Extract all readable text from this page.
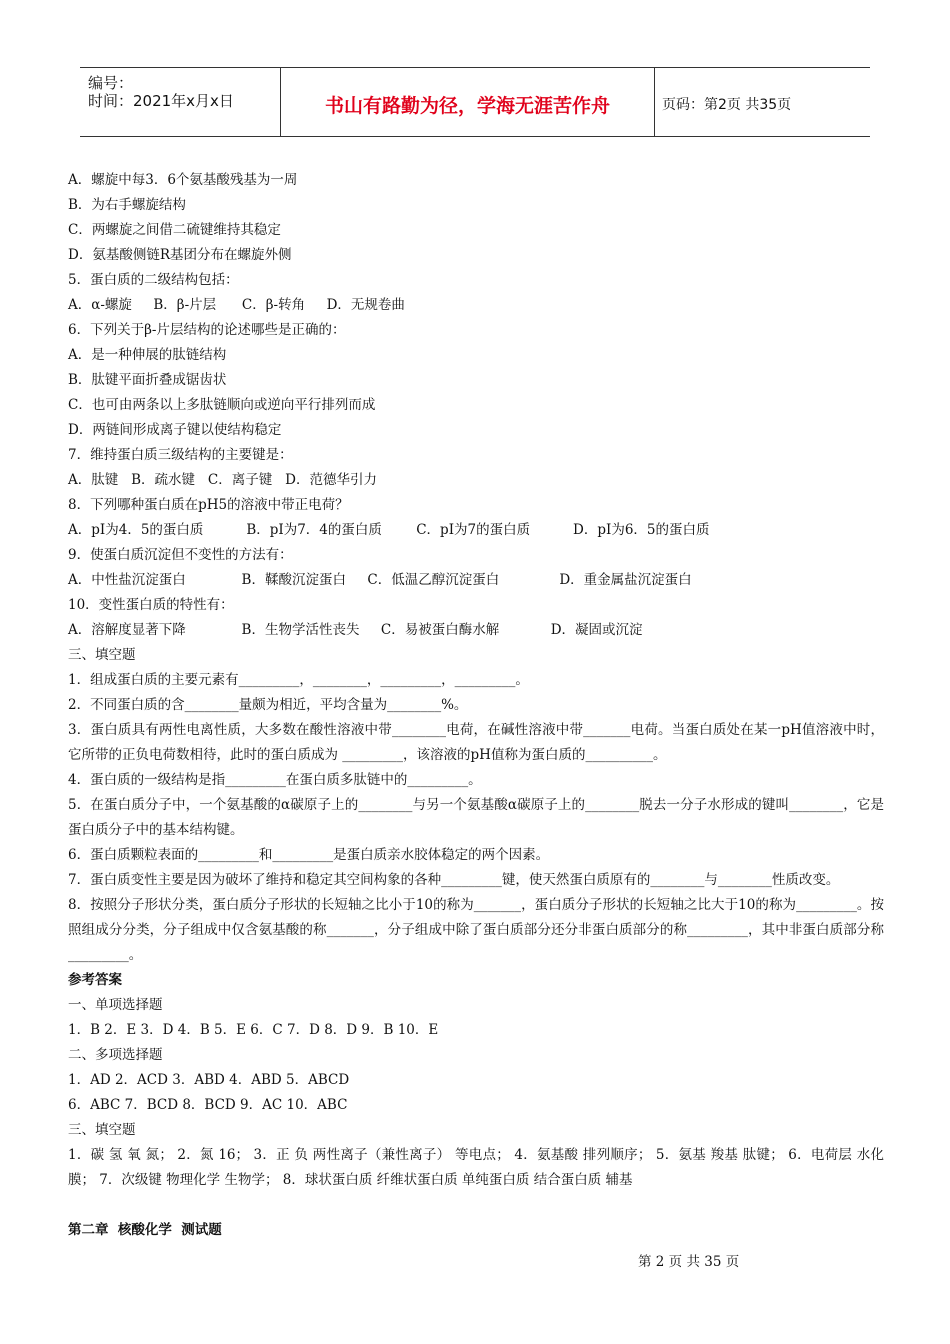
编号：
时间：2021年x月x日	书山有路勤为径，学海无涯苦作舟	页码：第2页 共35页
A．螺旋中每3．6个氨基酸残基为一周
B．为右手螺旋结构
C．两螺旋之间借二硫键维持其稳定
D．氨基酸侧链R基团分布在螺旋外侧
5．蛋白质的二级结构包括：
A．α-螺旋     B．β-片层      C．β-转角     D．无规卷曲
6．下列关于β-片层结构的论述哪些是正确的：
A．是一种伸展的肽链结构
B．肽键平面折叠成锯齿状
C．也可由两条以上多肽链顺向或逆向平行排列而成
D．两链间形成离子键以使结构稳定
7．维持蛋白质三级结构的主要键是：
A．肽键   B．疏水键   C．离子键   D．范德华引力
8．下列哪种蛋白质在pH5的溶液中带正电荷？
A．pI为4．5的蛋白质          B．pI为7．4的蛋白质        C．pI为7的蛋白质          D．pI为6．5的蛋白质
9．使蛋白质沉淀但不变性的方法有：
A．中性盐沉淀蛋白             B．鞣酸沉淀蛋白     C．低温乙醇沉淀蛋白              D．重金属盐沉淀蛋白
10．变性蛋白质的特性有：
A．溶解度显著下降             B．生物学活性丧失     C．易被蛋白酶水解            D．凝固或沉淀
三、填空题
1．组成蛋白质的主要元素有_________，________，_________，_________。
2．不同蛋白质的含________量颇为相近，平均含量为________%。
3．蛋白质具有两性电离性质，大多数在酸性溶液中带________电荷，在碱性溶液中带_______电荷。当蛋白质处在某一pH值溶液中时，它所带的正负电荷数相待，此时的蛋白质成为 _________，该溶液的pH值称为蛋白质的__________。
4．蛋白质的一级结构是指_________在蛋白质多肽链中的_________。
5．在蛋白质分子中，一个氨基酸的α碳原子上的________与另一个氨基酸α碳原子上的________脱去一分子水形成的键叫________，它是蛋白质分子中的基本结构键。
6．蛋白质颗粒表面的_________和_________是蛋白质亲水胶体稳定的两个因素。
7．蛋白质变性主要是因为破坏了维持和稳定其空间构象的各种_________键，使天然蛋白质原有的________与________性质改变。
8．按照分子形状分类，蛋白质分子形状的长短轴之比小于10的称为_______，蛋白质分子形状的长短轴之比大于10的称为_________。按照组成分分类，分子组成中仅含氨基酸的称_______，分子组成中除了蛋白质部分还分非蛋白质部分的称_________，其中非蛋白质部分称_________。
参考答案
一、单项选择题
1．B 2．E 3．D 4．B 5．E 6．C 7．D 8．D 9．B 10．E
二、多项选择题
1．AD 2．ACD 3．ABD 4．ABD 5．ABCD
6．ABC 7．BCD 8．BCD 9．AC 10．ABC
三、填空题
1．碳 氢 氧 氮； 2．氮 16； 3．正 负 两性离子（兼性离子） 等电点； 4．氨基酸 排列顺序； 5．氨基 羧基 肽键； 6．电荷层 水化膜； 7．次级键 物理化学 生物学； 8．球状蛋白质 纤维状蛋白质 单纯蛋白质 结合蛋白质 辅基
第二章  核酸化学  测试题
第 2 页 共 35 页
